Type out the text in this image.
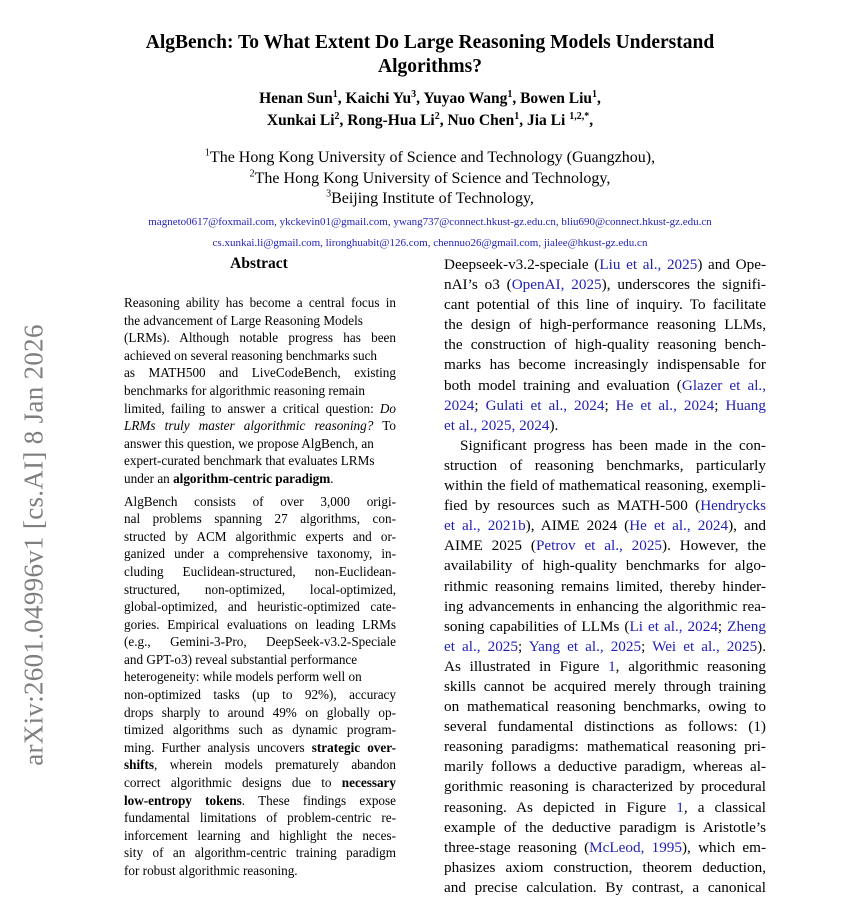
arXiv:2601.04996v1 [cs.AI] 8 Jan 2026
AlgBench: To What Extent Do Large Reasoning Models Understand
Algorithms?
Henan Sun$^1$, Kaichi Yu$^3$, Yuyao Wang$^1$, Bowen Liu$^1$,
Xunkai Li$^2$, Rong-Hua Li$^2$, Nuo Chen$^1$, Jia Li $^{1,2,*}$,
$^1$The Hong Kong University of Science and Technology (Guangzhou),
$^2$The Hong Kong University of Science and Technology,
$^3$Beijing Institute of Technology,
magneto0617@foxmail.com, ykckevin01@gmail.com, ywang737@connect.hkust-gz.edu.cn, bliu690@connect.hkust-gz.edu.cn
cs.xunkai.li@gmail.com, lironghuabit@126.com, chennuo26@gmail.com, jialee@hkust-gz.edu.cn
Abstract

Reasoning ability has become a central focus in
the advancement of Large Reasoning Models
(LRMs). Although notable progress has been
achieved on several reasoning benchmarks such
as MATH500 and LiveCodeBench, existing
benchmarks for algorithmic reasoning remain
limited, failing to answer a critical question: Do
LRMs truly master algorithmic reasoning? To
answer this question, we propose AlgBench, an
expert-curated benchmark that evaluates LRMs
under an algorithm-centric paradigm.

AlgBench consists of over 3,000 origi-
nal problems spanning 27 algorithms, con-
structed by ACM algorithmic experts and or-
ganized under a comprehensive taxonomy, in-
cluding Euclidean-structured, non-Euclidean-
structured, non-optimized, local-optimized,
global-optimized, and heuristic-optimized cate-
gories. Empirical evaluations on leading LRMs
(e.g., Gemini-3-Pro, DeepSeek-v3.2-Speciale
and GPT-o3) reveal substantial performance
heterogeneity: while models perform well on
non-optimized tasks (up to 92%), accuracy
drops sharply to around 49% on globally op-
timized algorithms such as dynamic program-
ming. Further analysis uncovers strategic over-
shifts, wherein models prematurely abandon
correct algorithmic designs due to necessary
low-entropy tokens. These findings expose
fundamental limitations of problem-centric re-
inforcement learning and highlight the neces-
sity of an algorithm-centric training paradigm
for robust algorithmic reasoning.

Deepseek-v3.2-speciale (Liu et al., 2025) and Ope-
nAI’s o3 (OpenAI, 2025), underscores the signifi-
cant potential of this line of inquiry. To facilitate
the design of high-performance reasoning LLMs,
the construction of high-quality reasoning bench-
marks has become increasingly indispensable for
both model training and evaluation (Glazer et al.,
2024; Gulati et al., 2024; He et al., 2024; Huang
et al., 2025, 2024).

Significant progress has been made in the con-
struction of reasoning benchmarks, particularly
within the field of mathematical reasoning, exempli-
fied by resources such as MATH-500 (Hendrycks
et al., 2021b), AIME 2024 (He et al., 2024), and
AIME 2025 (Petrov et al., 2025). However, the
availability of high-quality benchmarks for algo-
rithmic reasoning remains limited, thereby hinder-
ing advancements in enhancing the algorithmic rea-
soning capabilities of LLMs (Li et al., 2024; Zheng
et al., 2025; Yang et al., 2025; Wei et al., 2025).
As illustrated in Figure 1, algorithmic reasoning
skills cannot be acquired merely through training
on mathematical reasoning benchmarks, owing to
several fundamental distinctions as follows: (1)
reasoning paradigms: mathematical reasoning pri-
marily follows a deductive paradigm, whereas al-
gorithmic reasoning is characterized by procedural
reasoning. As depicted in Figure 1, a classical
example of the deductive paradigm is Aristotle’s
three-stage reasoning (McLeod, 1995), which em-
phasizes axiom construction, theorem deduction,
and precise calculation. By contrast, a canonical
